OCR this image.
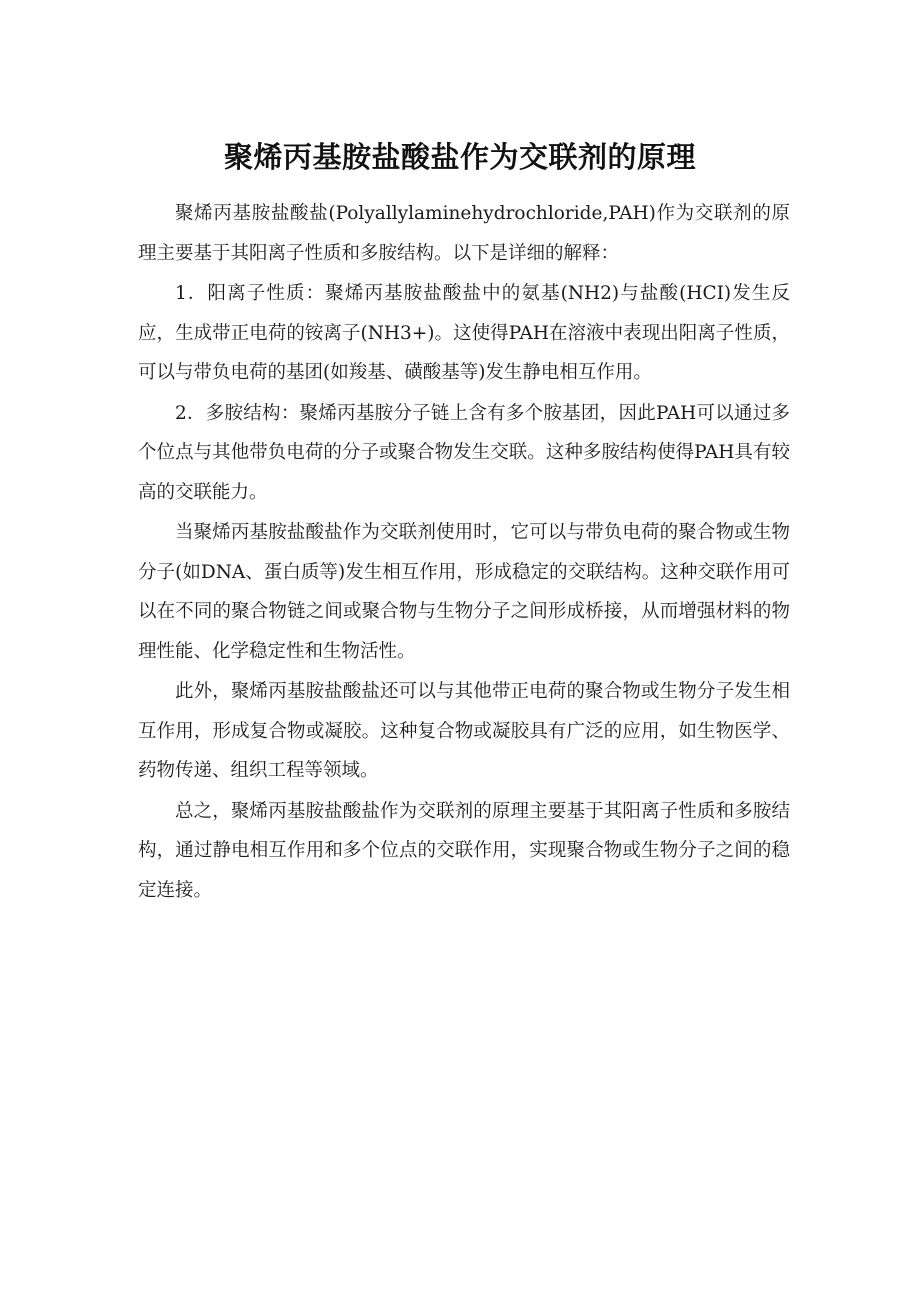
聚烯丙基胺盐酸盐作为交联剂的原理

聚烯丙基胺盐酸盐(Polyallylaminehydrochloride,PAH)作为交联剂的原理主要基于其阳离子性质和多胺结构。以下是详细的解释：

1．阳离子性质：聚烯丙基胺盐酸盐中的氨基(NH2)与盐酸(HCI)发生反应，生成带正电荷的铵离子(NH3+)。这使得PAH在溶液中表现出阳离子性质，可以与带负电荷的基团(如羧基、磺酸基等)发生静电相互作用。

2．多胺结构：聚烯丙基胺分子链上含有多个胺基团，因此PAH可以通过多个位点与其他带负电荷的分子或聚合物发生交联。这种多胺结构使得PAH具有较高的交联能力。

当聚烯丙基胺盐酸盐作为交联剂使用时，它可以与带负电荷的聚合物或生物分子(如DNA、蛋白质等)发生相互作用，形成稳定的交联结构。这种交联作用可以在不同的聚合物链之间或聚合物与生物分子之间形成桥接，从而增强材料的物理性能、化学稳定性和生物活性。

此外，聚烯丙基胺盐酸盐还可以与其他带正电荷的聚合物或生物分子发生相互作用，形成复合物或凝胶。这种复合物或凝胶具有广泛的应用，如生物医学、药物传递、组织工程等领域。

总之，聚烯丙基胺盐酸盐作为交联剂的原理主要基于其阳离子性质和多胺结构，通过静电相互作用和多个位点的交联作用，实现聚合物或生物分子之间的稳定连接。
